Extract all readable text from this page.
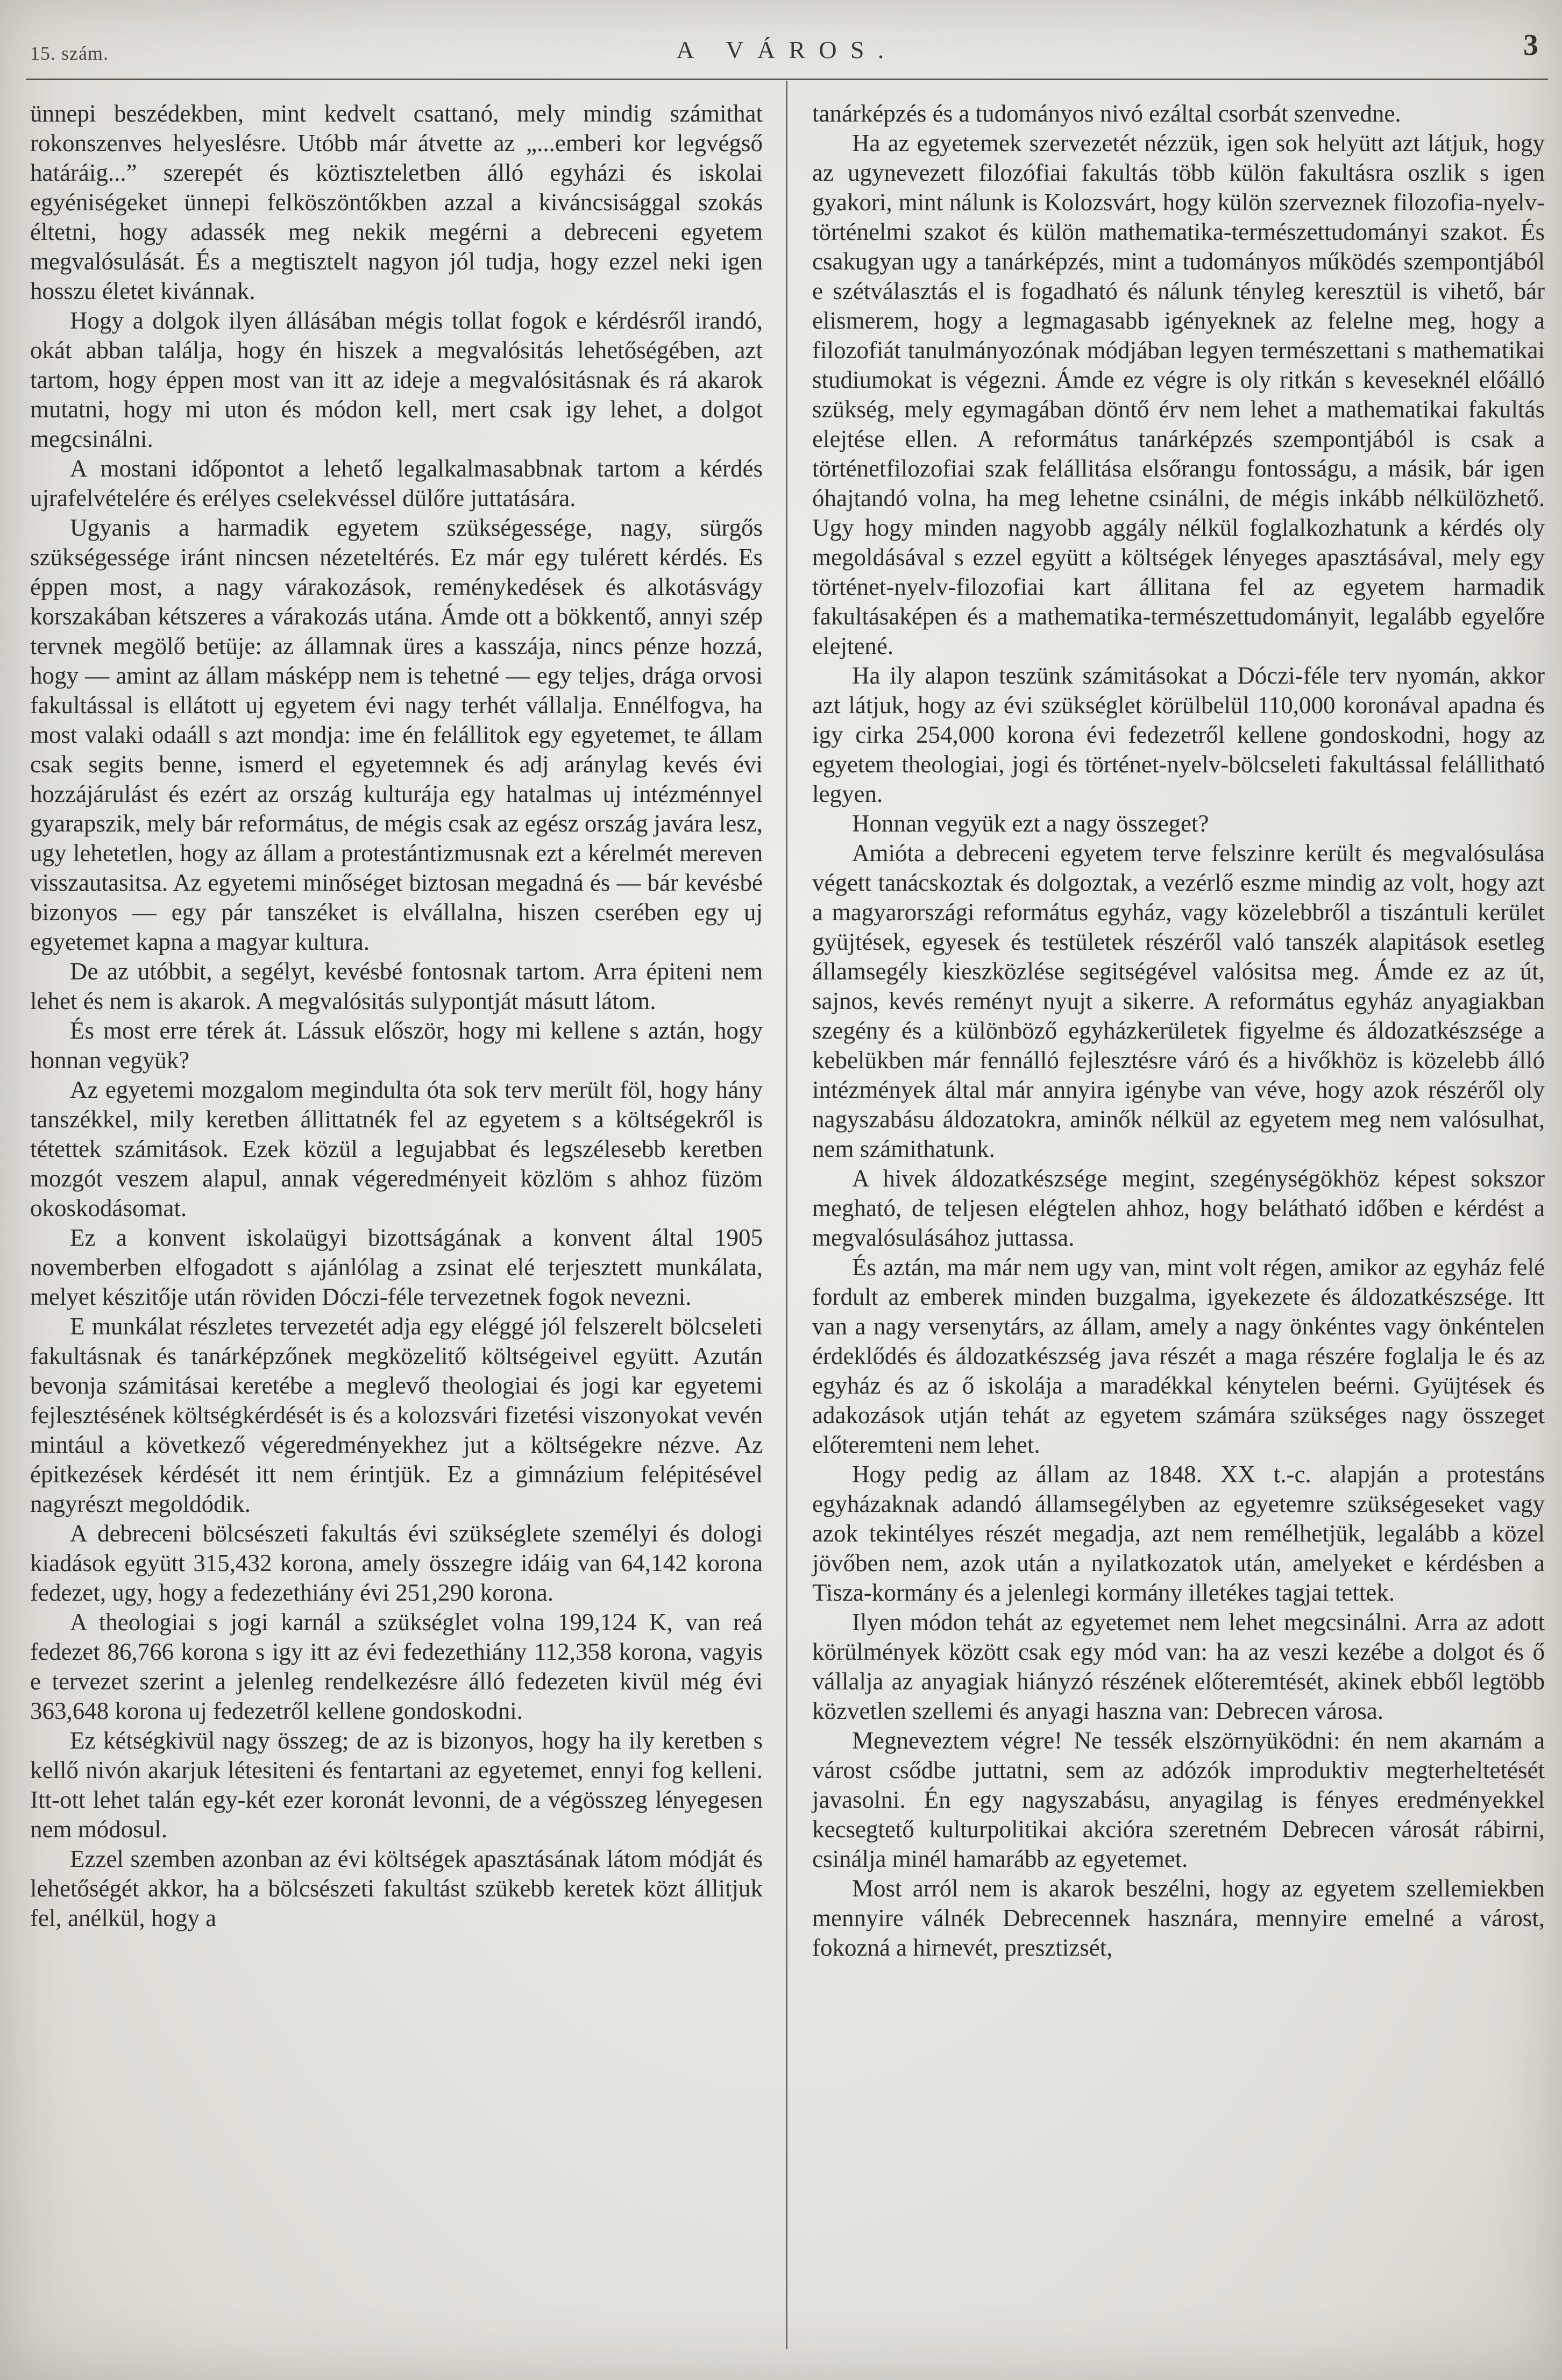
15. szám.	A VÁROS.	3

ünnepi beszédekben, mint kedvelt csattanó, mely mindig számithat rokonszenves helyeslésre. Utóbb már átvette az „...emberi kor legvégső határáig...” szerepét és köztiszteletben álló egyházi és iskolai egyéniségeket ünnepi felköszöntőkben azzal a kiváncsisággal szokás éltetni, hogy adassék meg nekik megérni a debreceni egyetem megvalósulását. És a megtisztelt nagyon jól tudja, hogy ezzel neki igen hosszu életet kivánnak.

Hogy a dolgok ilyen állásában mégis tollat fogok e kérdésről irandó, okát abban találja, hogy én hiszek a megvalósitás lehetőségében, azt tartom, hogy éppen most van itt az ideje a megvalósitásnak és rá akarok mutatni, hogy mi uton és módon kell, mert csak igy lehet, a dolgot megcsinálni.

A mostani időpontot a lehető legalkalmasabbnak tartom a kérdés ujrafelvételére és erélyes cselekvéssel dülőre juttatására.

Ugyanis a harmadik egyetem szükségessége, nagy, sürgős szükségessége iránt nincsen nézeteltérés. Ez már egy tulérett kérdés. Es éppen most, a nagy várakozások, reménykedések és alkotásvágy korszakában kétszeres a várakozás utána. Ámde ott a bökkentő, annyi szép tervnek megölő betüje: az államnak üres a kasszája, nincs pénze hozzá, hogy — amint az állam másképp nem is tehetné — egy teljes, drága orvosi fakultással is ellátott uj egyetem évi nagy terhét vállalja. Ennélfogva, ha most valaki odaáll s azt mondja: ime én felállitok egy egyetemet, te állam csak segits benne, ismerd el egyetemnek és adj aránylag kevés évi hozzájárulást és ezért az ország kulturája egy hatalmas uj intézménnyel gyarapszik, mely bár református, de mégis csak az egész ország javára lesz, ugy lehetetlen, hogy az állam a protestántizmusnak ezt a kérelmét mereven visszautasitsa. Az egyetemi minőséget biztosan megadná és — bár kevésbé bizonyos — egy pár tanszéket is elvállalna, hiszen cserében egy uj egyetemet kapna a magyar kultura.

De az utóbbit, a segélyt, kevésbé fontosnak tartom. Arra épiteni nem lehet és nem is akarok. A megvalósitás sulypontját másutt látom.

És most erre térek át. Lássuk először, hogy mi kellene s aztán, hogy honnan vegyük?

Az egyetemi mozgalom megindulta óta sok terv merült föl, hogy hány tanszékkel, mily keretben állittatnék fel az egyetem s a költségekről is tétettek számitások. Ezek közül a legujabbat és legszélesebb keretben mozgót veszem alapul, annak végeredményeit közlöm s ahhoz füzöm okoskodásomat.

Ez a konvent iskolaügyi bizottságának a konvent által 1905 novemberben elfogadott s ajánlólag a zsinat elé terjesztett munkálata, melyet készitője után röviden Dóczi-féle tervezetnek fogok nevezni.

E munkálat részletes tervezetét adja egy eléggé jól felszerelt bölcseleti fakultásnak és tanárképzőnek megközelitő költségeivel együtt. Azután bevonja számitásai keretébe a meglevő theologiai és jogi kar egyetemi fejlesztésének költségkérdését is és a kolozsvári fizetési viszonyokat vevén mintául a következő végeredményekhez jut a költségekre nézve. Az épitkezések kérdését itt nem érintjük. Ez a gimnázium felépitésével nagyrészt megoldódik.

A debreceni bölcsészeti fakultás évi szükséglete személyi és dologi kiadások együtt 315,432 korona, amely összegre idáig van 64,142 korona fedezet, ugy, hogy a fedezethiány évi 251,290 korona.

A theologiai s jogi karnál a szükséglet volna 199,124 K, van reá fedezet 86,766 korona s igy itt az évi fedezethiány 112,358 korona, vagyis e tervezet szerint a jelenleg rendelkezésre álló fedezeten kivül még évi 363,648 korona uj fedezetről kellene gondoskodni.

Ez kétségkivül nagy összeg; de az is bizonyos, hogy ha ily keretben s kellő nivón akarjuk létesiteni és fentartani az egyetemet, ennyi fog kelleni. Itt-ott lehet talán egy-két ezer koronát levonni, de a végösszeg lényegesen nem módosul.

Ezzel szemben azonban az évi költségek apasztásának látom módját és lehetőségét akkor, ha a bölcsészeti fakultást szükebb keretek közt állitjuk fel, anélkül, hogy a

tanárképzés és a tudományos nivó ezáltal csorbát szenvedne.

Ha az egyetemek szervezetét nézzük, igen sok helyütt azt látjuk, hogy az ugynevezett filozófiai fakultás több külön fakultásra oszlik s igen gyakori, mint nálunk is Kolozsvárt, hogy külön szerveznek filozofia-nyelv-történelmi szakot és külön mathematika-természettudományi szakot. És csakugyan ugy a tanárképzés, mint a tudományos működés szempontjából e szétválasztás el is fogadható és nálunk tényleg keresztül is vihető, bár elismerem, hogy a legmagasabb igényeknek az felelne meg, hogy a filozofiát tanulmányozónak módjában legyen természettani s mathematikai studiumokat is végezni. Ámde ez végre is oly ritkán s keveseknél előálló szükség, mely egymagában döntő érv nem lehet a mathematikai fakultás elejtése ellen. A református tanárképzés szempontjából is csak a történetfilozofiai szak felállitása elsőrangu fontosságu, a másik, bár igen óhajtandó volna, ha meg lehetne csinálni, de mégis inkább nélkülözhető. Ugy hogy minden nagyobb aggály nélkül foglalkozhatunk a kérdés oly megoldásával s ezzel együtt a költségek lényeges apasztásával, mely egy történet-nyelv-filozofiai kart állitana fel az egyetem harmadik fakultásaképen és a mathematika-természettudományit, legalább egyelőre elejtené.

Ha ily alapon teszünk számitásokat a Dóczi-féle terv nyomán, akkor azt látjuk, hogy az évi szükséglet körülbelül 110,000 koronával apadna és igy cirka 254,000 korona évi fedezetről kellene gondoskodni, hogy az egyetem theologiai, jogi és történet-nyelv-bölcseleti fakultással felállitható legyen.

Honnan vegyük ezt a nagy összeget?

Amióta a debreceni egyetem terve felszinre került és megvalósulása végett tanácskoztak és dolgoztak, a vezérlő eszme mindig az volt, hogy azt a magyarországi református egyház, vagy közelebbről a tiszántuli kerület gyüjtések, egyesek és testületek részéről való tanszék alapitások esetleg államsegély kieszközlése segitségével valósitsa meg. Ámde ez az út, sajnos, kevés reményt nyujt a sikerre. A református egyház anyagiakban szegény és a különböző egyházkerületek figyelme és áldozatkészsége a kebelükben már fennálló fejlesztésre váró és a hivőkhöz is közelebb álló intézmények által már annyira igénybe van véve, hogy azok részéről oly nagyszabásu áldozatokra, aminők nélkül az egyetem meg nem valósulhat, nem számithatunk.

A hivek áldozatkészsége megint, szegénységökhöz képest sokszor megható, de teljesen elégtelen ahhoz, hogy belátható időben e kérdést a megvalósulásához juttassa.

És aztán, ma már nem ugy van, mint volt régen, amikor az egyház felé fordult az emberek minden buzgalma, igyekezete és áldozatkészsége. Itt van a nagy versenytárs, az állam, amely a nagy önkéntes vagy önkéntelen érdeklődés és áldozatkészség java részét a maga részére foglalja le és az egyház és az ő iskolája a maradékkal kénytelen beérni. Gyüjtések és adakozások utján tehát az egyetem számára szükséges nagy összeget előteremteni nem lehet.

Hogy pedig az állam az 1848. XX t.-c. alapján a protestáns egyházaknak adandó államsegélyben az egyetemre szükségeseket vagy azok tekintélyes részét megadja, azt nem remélhetjük, legalább a közel jövőben nem, azok után a nyilatkozatok után, amelyeket e kérdésben a Tisza-kormány és a jelenlegi kormány illetékes tagjai tettek.

Ilyen módon tehát az egyetemet nem lehet megcsinálni. Arra az adott körülmények között csak egy mód van: ha az veszi kezébe a dolgot és ő vállalja az anyagiak hiányzó részének előteremtését, akinek ebből legtöbb közvetlen szellemi és anyagi haszna van: Debrecen városa.

Megneveztem végre! Ne tessék elszörnyüködni: én nem akarnám a várost csődbe juttatni, sem az adózók improduktiv megterheltetését javasolni. Én egy nagyszabásu, anyagilag is fényes eredményekkel kecsegtető kulturpolitikai akcióra szeretném Debrecen városát rábirni, csinálja minél hamarább az egyetemet.

Most arról nem is akarok beszélni, hogy az egyetem szellemiekben mennyire válnék Debrecennek hasznára, mennyire emelné a várost, fokozná a hirnevét, presztizsét,
